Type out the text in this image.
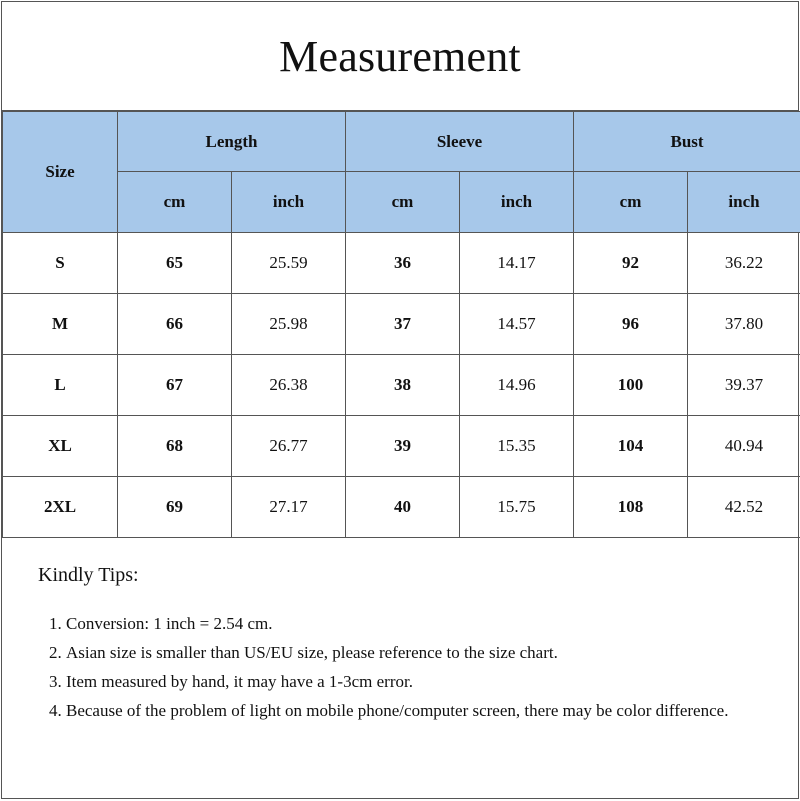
Measurement
Size	Length		Sleeve		Bust	
	cm	inch	cm	inch	cm	inch
S	65	25.59	36	14.17	92	36.22
M	66	25.98	37	14.57	96	37.80
L	67	26.38	38	14.96	100	39.37
XL	68	26.77	39	15.35	104	40.94
2XL	69	27.17	40	15.75	108	42.52
Kindly Tips:
1. Conversion: 1 inch = 2.54 cm.
2. Asian size is smaller than US/EU size, please reference to the size chart.
3. Item measured by hand, it may have a 1-3cm error.
4. Because of the problem of light on mobile phone/computer screen, there may be color difference.
